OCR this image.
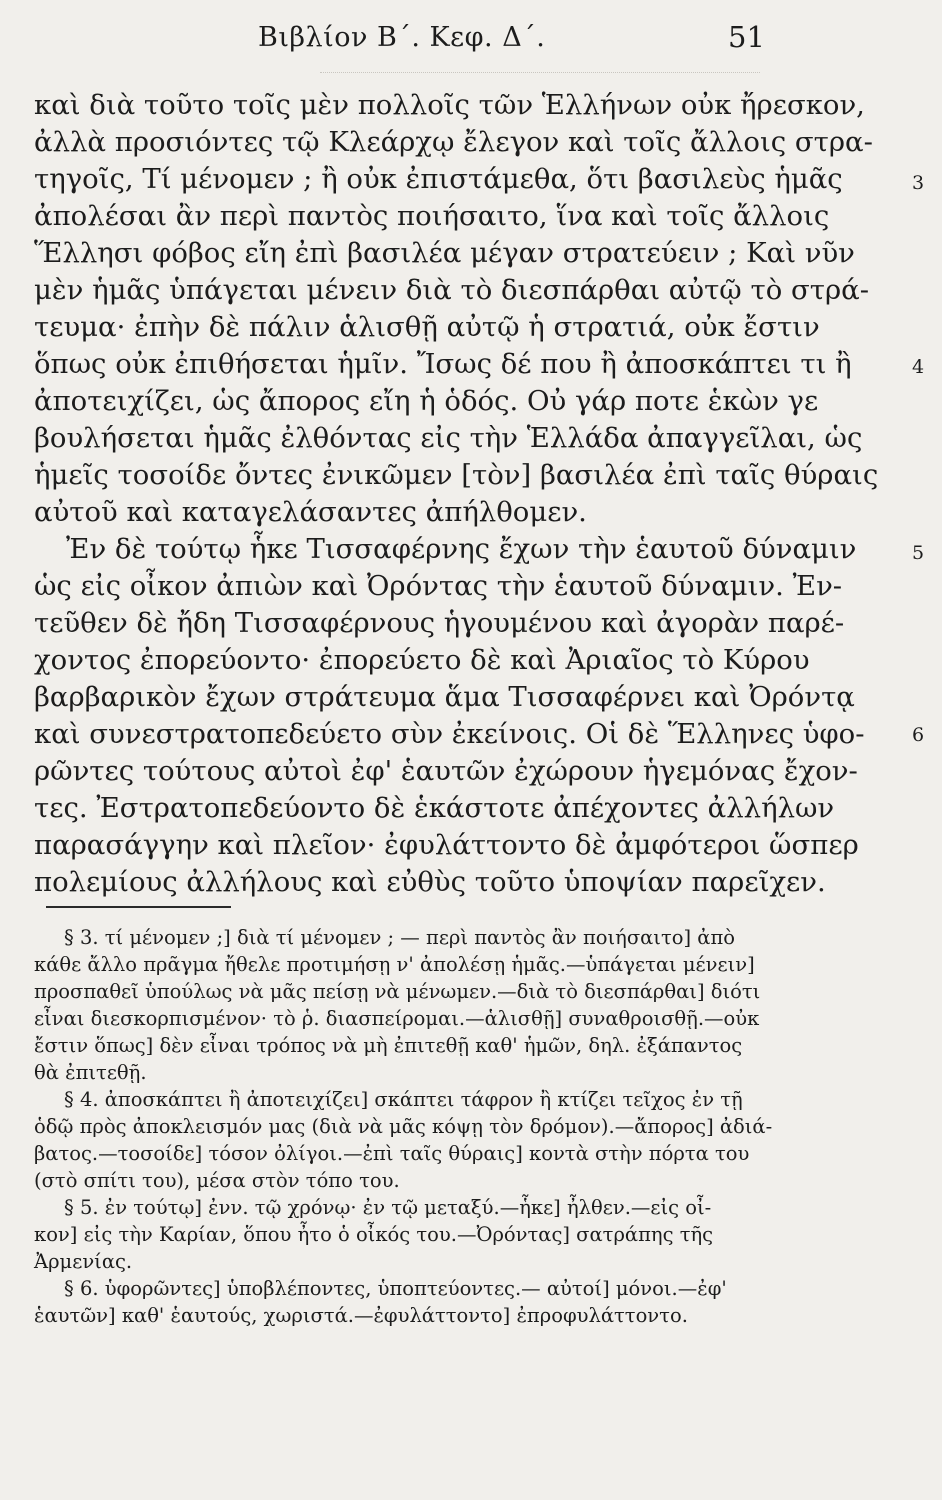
Βιβλίον Β΄. Κεφ. Δ΄.	51
καὶ διὰ τοῦτο τοῖς μὲν πολλοῖς τῶν Ἑλλήνων οὐκ ἤρεσκον,
ἀλλὰ προσιόντες τῷ Κλεάρχῳ ἔλεγον καὶ τοῖς ἄλλοις στρα-
τηγοῖς, Τί μένομεν ; ἢ οὐκ ἐπιστάμεθα, ὅτι βασιλεὺς ἡμᾶς
ἀπολέσαι ἂν περὶ παντὸς ποιήσαιτο, ἵνα καὶ τοῖς ἄλλοις
Ἕλλησι φόβος εἴη ἐπὶ βασιλέα μέγαν στρατεύειν ; Καὶ νῦν
μὲν ἡμᾶς ὑπάγεται μένειν διὰ τὸ διεσπάρθαι αὐτῷ τὸ στρά-
τευμα· ἐπὴν δὲ πάλιν ἁλισθῇ αὐτῷ ἡ στρατιά, οὐκ ἔστιν
ὅπως οὐκ ἐπιθήσεται ἡμῖν. Ἴσως δέ που ἢ ἀποσκάπτει τι ἢ
ἀποτειχίζει, ὡς ἄπορος εἴη ἡ ὁδός. Οὐ γάρ ποτε ἑκὼν γε
βουλήσεται ἡμᾶς ἐλθόντας εἰς τὴν Ἑλλάδα ἀπαγγεῖλαι, ὡς
ἡμεῖς τοσοίδε ὄντες ἐνικῶμεν [τὸν] βασιλέα ἐπὶ ταῖς θύραις
αὐτοῦ καὶ καταγελάσαντες ἀπήλθομεν.
Ἐν δὲ τούτῳ ἧκε Τισσαφέρνης ἔχων τὴν ἑαυτοῦ δύναμιν
ὡς εἰς οἶκον ἀπιὼν καὶ Ὀρόντας τὴν ἑαυτοῦ δύναμιν. Ἐν-
τεῦθεν δὲ ἤδη Τισσαφέρνους ἡγουμένου καὶ ἀγορὰν παρέ-
χοντος ἐπορεύοντο· ἐπορεύετο δὲ καὶ Ἀριαῖος τὸ Κύρου
βαρβαρικὸν ἔχων στράτευμα ἅμα Τισσαφέρνει καὶ Ὀρόντᾳ
καὶ συνεστρατοπεδεύετο σὺν ἐκείνοις. Οἱ δὲ Ἕλληνες ὑφο-
ρῶντες τούτους αὐτοὶ ἐφ' ἑαυτῶν ἐχώρουν ἡγεμόνας ἔχον-
τες. Ἐστρατοπεδεύοντο δὲ ἑκάστοτε ἀπέχοντες ἀλλήλων
παρασάγγην καὶ πλεῖον· ἐφυλάττοντο δὲ ἀμφότεροι ὥσπερ
πολεμίους ἀλλήλους καὶ εὐθὺς τοῦτο ὑποψίαν παρεῖχεν.
3
4
5
6
§ 3. τί μένομεν ;] διὰ τί μένομεν ; — περὶ παντὸς ἂν ποιήσαιτο] ἀπὸ
κάθε ἄλλο πρᾶγμα ἤθελε προτιμήσῃ ν' ἀπολέσῃ ἡμᾶς.—ὑπάγεται μένειν]
προσπαθεῖ ὑπούλως νὰ μᾶς πείσῃ νὰ μένωμεν.—διὰ τὸ διεσπάρθαι] διότι
εἶναι διεσκορπισμένον· τὸ ῥ. διασπείρομαι.—ἁλισθῇ] συναθροισθῇ.—οὐκ
ἔστιν ὅπως] δὲν εἶναι τρόπος νὰ μὴ ἐπιτεθῇ καθ' ἡμῶν, δηλ. ἐξάπαντος
θὰ ἐπιτεθῇ.
§ 4. ἀποσκάπτει ἢ ἀποτειχίζει] σκάπτει τάφρον ἢ κτίζει τεῖχος ἐν τῇ
ὁδῷ πρὸς ἀποκλεισμόν μας (διὰ νὰ μᾶς κόψῃ τὸν δρόμον).—ἄπορος] ἀδιά-
βατος.—τοσοίδε] τόσον ὀλίγοι.—ἐπὶ ταῖς θύραις] κοντὰ στὴν πόρτα του
(στὸ σπίτι του), μέσα στὸν τόπο του.
§ 5. ἐν τούτῳ] ἐνν. τῷ χρόνῳ· ἐν τῷ μεταξύ.—ἧκε] ἦλθεν.—εἰς οἶ-
κον] εἰς τὴν Καρίαν, ὅπου ἦτο ὁ οἶκός του.—Ὀρόντας] σατράπης τῆς
Ἀρμενίας.
§ 6. ὑφορῶντες] ὑποβλέποντες, ὑποπτεύοντες.— αὐτοί] μόνοι.—ἐφ'
ἑαυτῶν] καθ' ἑαυτούς, χωριστά.—ἐφυλάττοντο] ἐπροφυλάττοντο.
